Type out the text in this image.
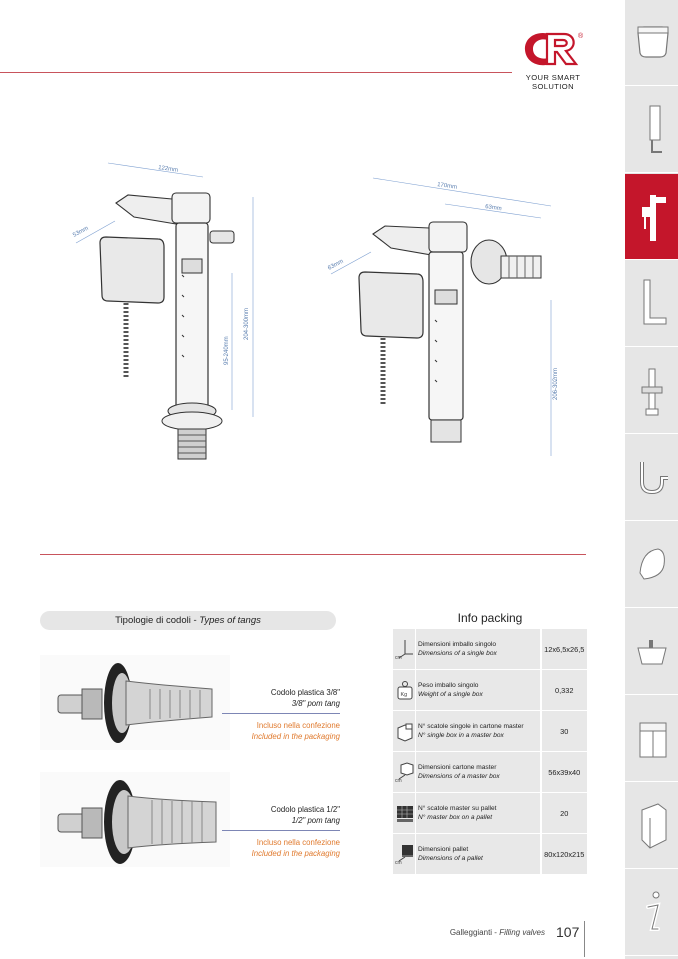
®
YOUR SMART
SOLUTION
122mm
53mm
95-240mm
204-300mm
170mm
63mm
63mm
206-302mm
Tipologie di codoli - Types of tangs
Codolo plastica 3/8"
3/8" pom tang
Incluso nella confezione
Included in the packaging
Codolo plastica 1/2"
1/2" pom tang
Incluso nella confezione
Included in the packaging
Info packing
cm	Dimensioni imballo singolo
Dimensions of a single box	12x6,5x26,5

Kg	Peso imballo singolo
Weight of a single box	0,332

N° scatole singole in cartone master
N° single box in a master box	30

cm	Dimensioni cartone master
Dimensions of a master box	56x39x40

N° scatole master su pallet
N° master box on a pallet	20

cm	Dimensioni pallet
Dimensions of a pallet	80x120x215
Galleggianti - Filling valves 107
